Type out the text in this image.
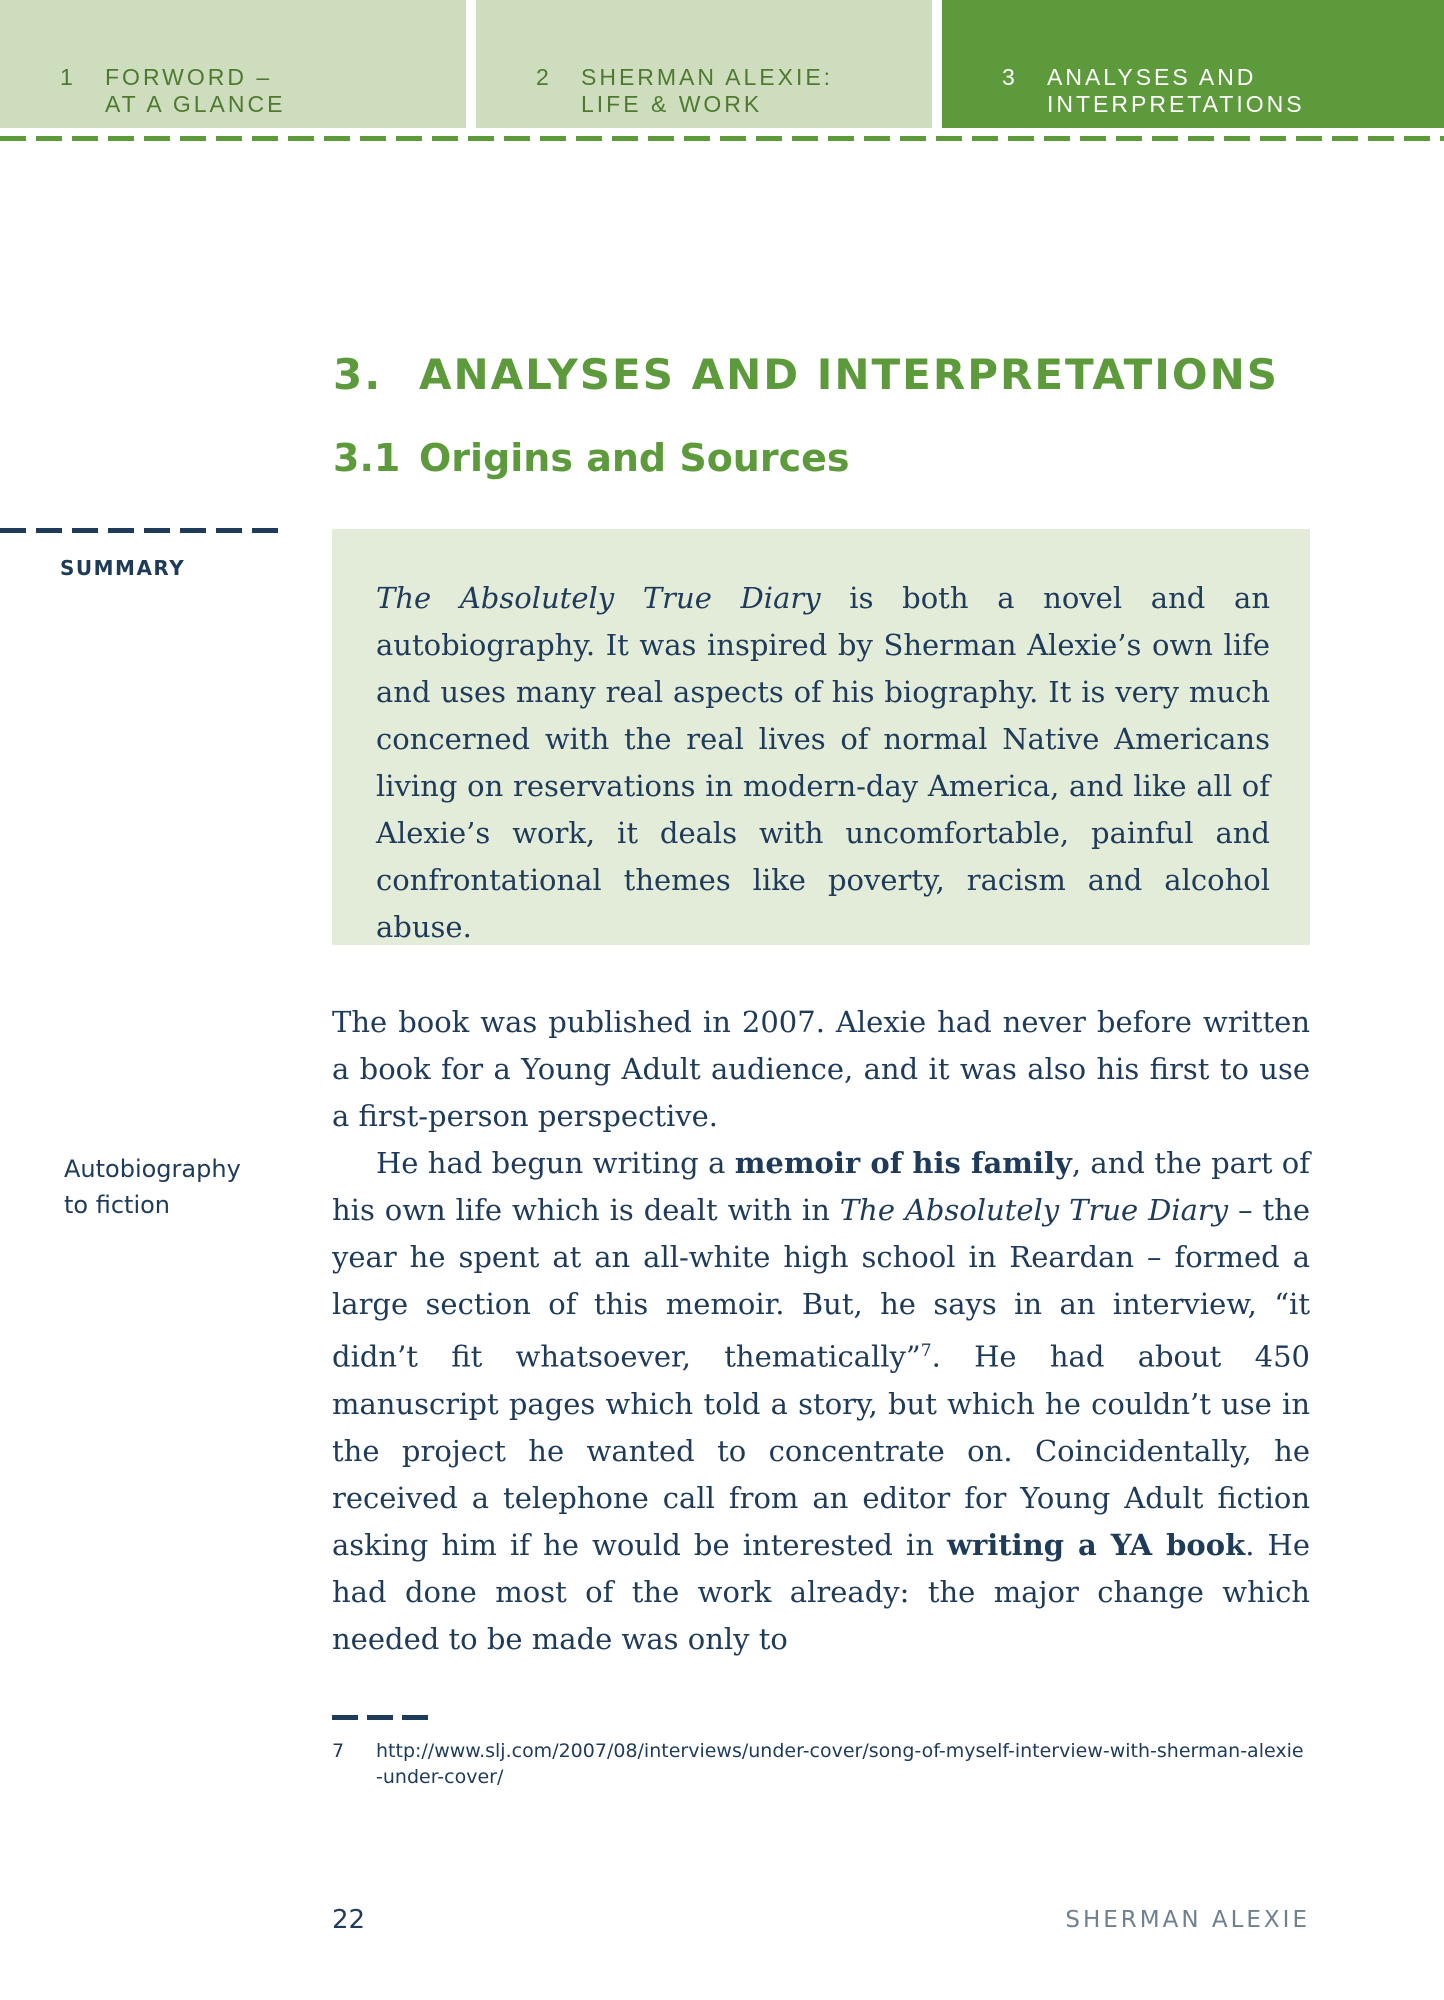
1 FORWORD –
AT A GLANCE
2 SHERMAN ALEXIE:
LIFE & WORK
3 ANALYSES AND
INTERPRETATIONS
3. ANALYSES AND INTERPRETATIONS
3.1 Origins and Sources
SUMMARY
Autobiography
to fiction

The Absolutely True Diary is both a novel and an autobiography. It was inspired by Sherman Alexie’s own life and uses many real aspects of his biography. It is very much concerned with the real lives of normal Native Americans living on reservations in modern-day America, and like all of Alexie’s work, it deals with uncomfortable, painful and confrontational themes like poverty, racism and alcohol abuse.

The book was published in 2007. Alexie had never before written a book for a Young Adult audience, and it was also his first to use a first-person perspective.

He had begun writing a memoir of his family, and the part of his own life which is dealt with in The Absolutely True Diary – the year he spent at an all-white high school in Reardan – formed a large section of this memoir. But, he says in an interview, “it didn’t fit whatsoever, thematically”$^7$. He had about 450 manuscript pages which told a story, but which he couldn’t use in the project he wanted to concentrate on. Coincidentally, he received a telephone call from an editor for Young Adult fiction asking him if he would be interested in writing a YA book. He had done most of the work already: the major change which needed to be made was only to

7 http://www.slj.com/2007/08/interviews/under-cover/song-of-myself-interview-with-sherman-alexie-under-cover/
22	SHERMAN ALEXIE
